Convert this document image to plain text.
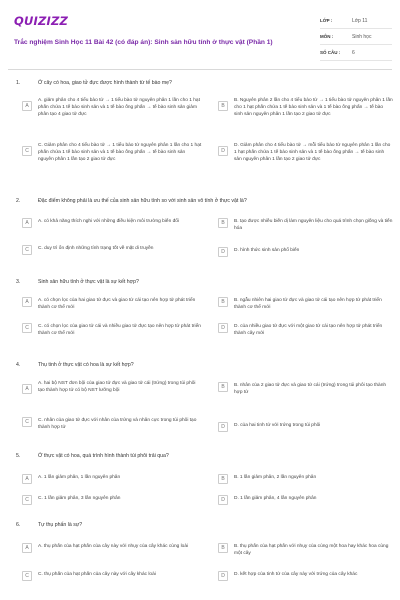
QUIZIZZ
Trắc nghiệm Sinh Học 11 Bài 42 (có đáp án): Sinh sản hữu tính ở thực vật (Phần 1)
LỚP :	Lớp 11
MÔN :	Sinh học
SỐ CÂU :	6
1.	Ở cây có hoa, giao tử đực được hình thành từ tế bào mẹ?
A
A. giảm phân cho 4 tiểu bào tử → 1 tiểu bào tử nguyên phân 1 lần cho 1 hạt phấn chứa 1 tế bào sinh sản và 1 tế bào ống phấn → tế bào sinh sản giảm phân tạo 4 giao tử đực
B
B. Nguyên phân 2 lần cho 4 tiểu bào tử → 1 tiểu bào tử nguyên phân 1 lần cho 1 hạt phấn chứa 1 tế bào sinh sản và 1 tế bào ống phấn → tế bào sinh sản nguyên phân 1 lần tạo 2 giao tử đực
C
C. Giảm phân cho 4 tiểu bào tử → 1 tiểu bào tử nguyên phân 1 lần cho 1 hạt phấn chứa 1 tế bào sinh sản và 1 tế bào ống phấn → tế bào sinh sản nguyên phân 1 lần tạo 2 giao tử đực
D
D. Giảm phân cho 4 tiểu bào tử → mỗi tiểu bào tử nguyên phân 1 lần cho 1 hạt phấn chứa 1 tế bào sinh sản và 1 tế bào ống phấn → tế bào sinh sản nguyên phân 1 lần tạo 2 giao tử đực
2.	Đặc điểm không phải là ưu thế của sinh sản hữu tính so với sinh sản vô tính ở thực vật là?
A	A. có khả năng thích nghi với những điều kiện môi trường biến đổi	B	B. tạo được nhiều biến dị làm nguyên liệu cho quá trình chọn giống và tiến hóa
C	C. duy trì ổn định những tính trạng tốt về mặt di truyền
D	D. hình thức sinh sản phổ biến
3.	Sinh sản hữu tính ở thực vật là sự kết hợp?
A	A. có chọn lọc của hai giao tử đực và giao tử cái tạo nên hợp tử phát triển thành cơ thể mới
B	B. ngẫu nhiên hai giao tử đực và giao tử cái tạo nên hợp tử phát triển thành cơ thể mới
C	C. có chọn lọc của giao tử cái và nhiều giao tử đực tạo nên hợp tử phát triển thành cơ thể mới
D	D. của nhiều giao tử đực với một giao tử cái tạo nên hợp tử phát triển thành cây mới
4.	Thụ tinh ở thực vật có hoa là sự kết hợp?
A
A. hai bộ NST đơn bội của giao tử đực và giao tử cái (trứng) trong túi phôi tạo thành hợp tử có bộ NST lưỡng bội
B	B. nhân của 2 giao tử đực và giao tử cái (trứng) trong túi phôi tạo thành hợp tử
C	C. nhân của giao tử đực với nhân của trứng và nhân cực trong túi phôi tạo thành hợp tử	D	D. của hai tinh tử với trứng trong túi phôi
5.	Ở thực vật có hoa, quá trình hình thành túi phôi trải qua?
A	A. 1 lần giảm phân, 1 lần nguyên phân	B	B. 1 lần giảm phân, 2 lần nguyên phân
C	C. 1 lần giảm phân, 3 lần nguyên phân	D	D. 1 lần giảm phân, 4 lần nguyên phân
6.	Tự thụ phấn là sự?
A	A. thụ phấn của hạt phấn của cây này với nhụy của cây khác cùng loài	B	B. thụ phấn của hạt phấn với nhụy của cùng một hoa hay khác hoa cùng một cây
C	C. thụ phấn của hạt phấn của cây này với cây khác loài	D	D. kết hợp của tinh tử của cây này với trứng của cây khác
